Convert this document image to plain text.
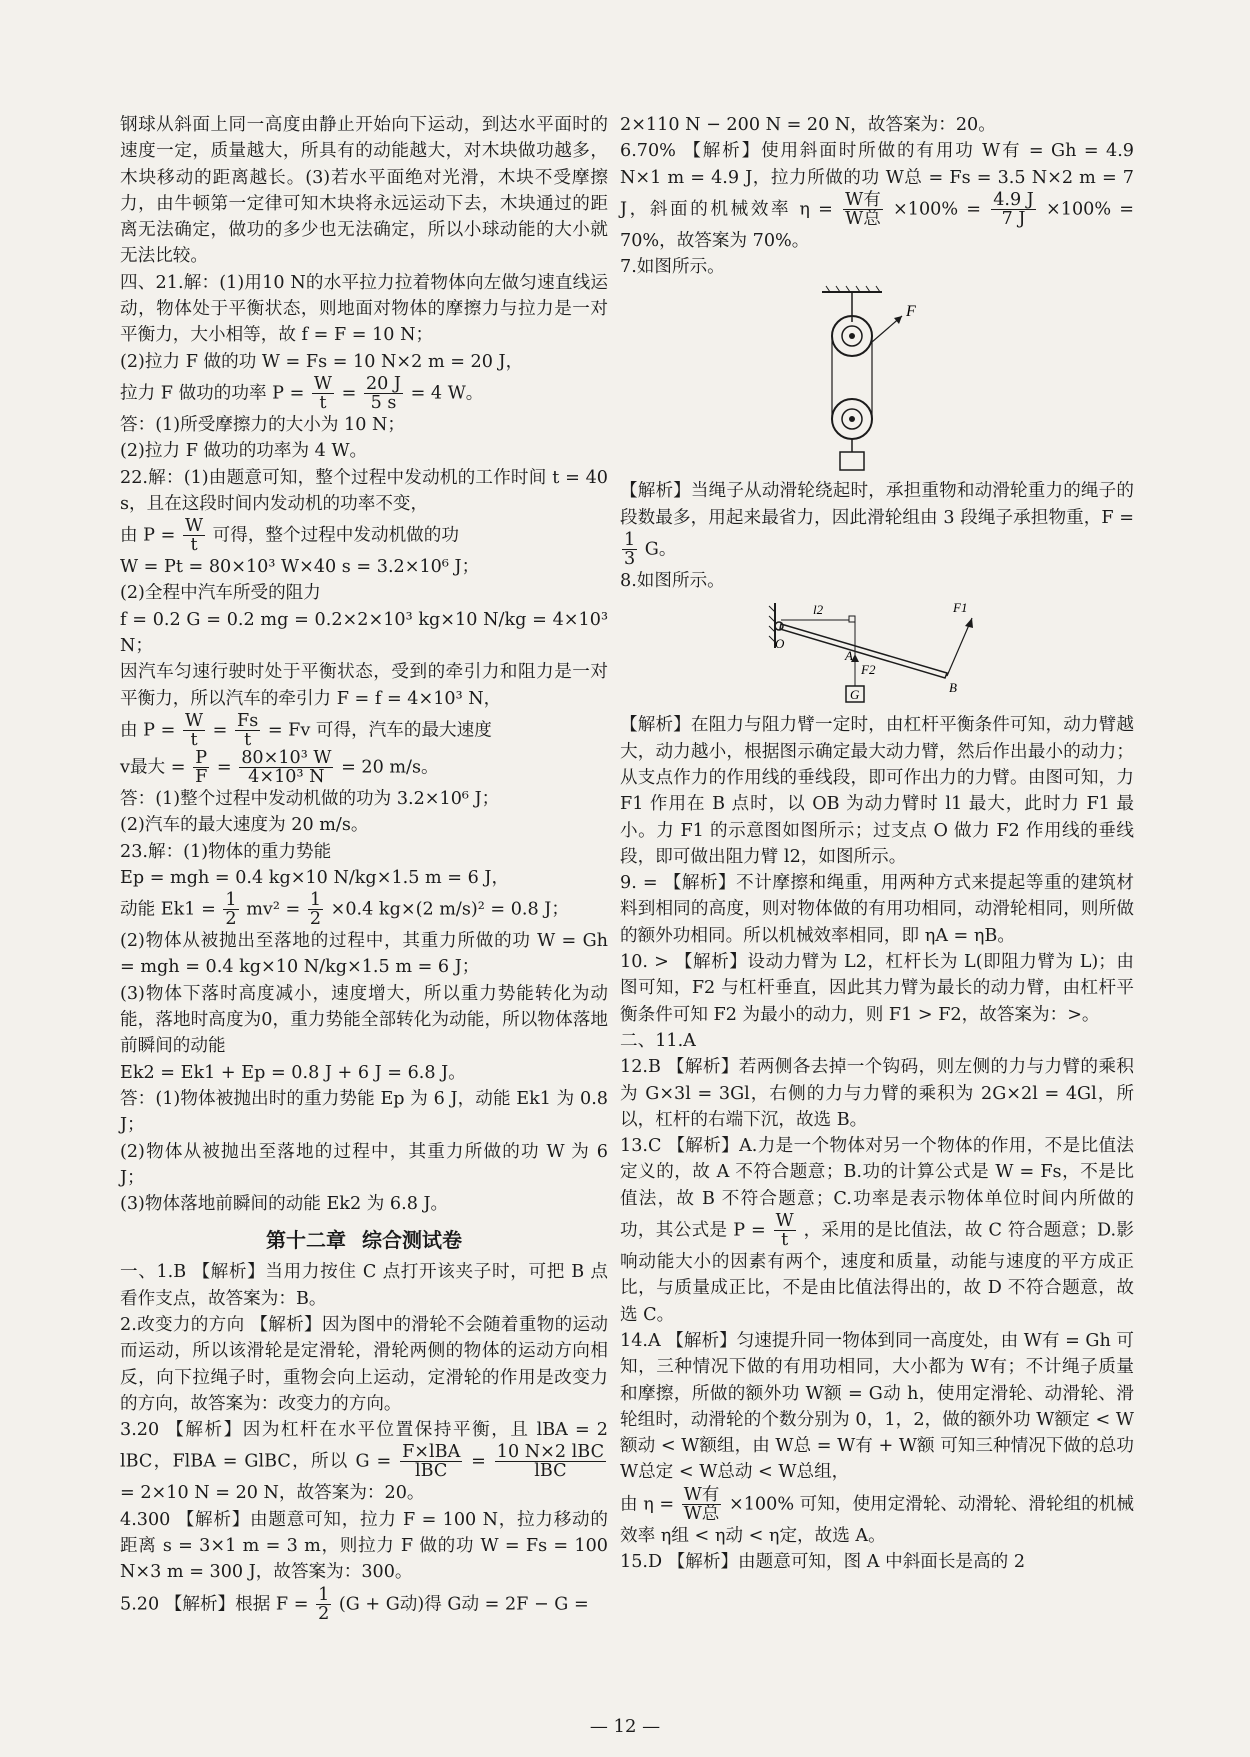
钢球从斜面上同一高度由静止开始向下运动，到达水平面时的速度一定，质量越大，所具有的动能越大，对木块做功越多，木块移动的距离越长。(3)若水平面绝对光滑，木块不受摩擦力，由牛顿第一定律可知木块将永远运动下去，木块通过的距离无法确定，做功的多少也无法确定，所以小球动能的大小就无法比较。

四、21.解：(1)用10 N的水平拉力拉着物体向左做匀速直线运动，物体处于平衡状态，则地面对物体的摩擦力与拉力是一对平衡力，大小相等，故 f = F = 10 N；

(2)拉力 F 做的功 W = Fs = 10 N×2 m = 20 J，

拉力 F 做功的功率 $P = \frac{W}{t} = \frac{20 J}{5 s} = 4$ W。

答：(1)所受摩擦力的大小为 10 N；

(2)拉力 F 做功的功率为 4 W。

22.解：(1)由题意可知，整个过程中发动机的工作时间 t = 40 s，且在这段时间内发动机的功率不变，

由 $P = \frac{W}{t}$ 可得，整个过程中发动机做的功

W = Pt = 80×10³ W×40 s = 3.2×10⁶ J；

(2)全程中汽车所受的阻力

f = 0.2 G = 0.2 mg = 0.2×2×10³ kg×10 N/kg = 4×10³ N；

因汽车匀速行驶时处于平衡状态，受到的牵引力和阻力是一对平衡力，所以汽车的牵引力 F = f = 4×10³ N，

由 $P = \frac{W}{t} = \frac{Fs}{t} = Fv$ 可得，汽车的最大速度

v最大 = $\frac{P}{F} = \frac{\text{80×10³ W}}{\text{4×10³ N}} = 20$ m/s。

答：(1)整个过程中发动机做的功为 3.2×10⁶ J；

(2)汽车的最大速度为 20 m/s。

23.解：(1)物体的重力势能

Ep = mgh = 0.4 kg×10 N/kg×1.5 m = 6 J，

动能 $Ek1 = \frac{1}{2} mv^2 = \frac{1}{2} \times 0.4$ kg×(2 m/s)² = 0.8 J；

(2)物体从被抛出至落地的过程中，其重力所做的功 W = Gh = mgh = 0.4 kg×10 N/kg×1.5 m = 6 J；

(3)物体下落时高度减小，速度增大，所以重力势能转化为动能，落地时高度为0，重力势能全部转化为动能，所以物体落地前瞬间的动能

Ek2 = Ek1 + Ep = 0.8 J + 6 J = 6.8 J。

答：(1)物体被抛出时的重力势能 Ep 为 6 J，动能 Ek1 为 0.8 J；

(2)物体从被抛出至落地的过程中，其重力所做的功 W 为 6 J；

(3)物体落地前瞬间的动能 Ek2 为 6.8 J。

第十二章 综合测试卷

一、1.B 【解析】当用力按住 C 点打开该夹子时，可把 B 点看作支点，故答案为：B。

2.改变力的方向 【解析】因为图中的滑轮不会随着重物的运动而运动，所以该滑轮是定滑轮，滑轮两侧的物体的运动方向相反，向下拉绳子时，重物会向上运动，定滑轮的作用是改变力的方向，故答案为：改变力的方向。

3.20 【解析】因为杠杆在水平位置保持平衡，且 lBA = 2 lBC，FlBA = GlBC，所以 G = F×lBA
lBC	= 10 N×2 lBC
lBC
= 2×10 N = 20 N，故答案为：20。

4.300 【解析】由题意可知，拉力 F = 100 N，拉力移动的距离 s = 3×1 m = 3 m，则拉力 F 做的功 W = Fs = 100 N×3 m = 300 J，故答案为：300。

5.20 【解析】根据 $F = \frac{1}{2} (G + G$动)得 G动 = 2F − G =

2×110 N − 200 N = 20 N，故答案为：20。

6.70% 【解析】使用斜面时所做的有用功 W有 = Gh = 4.9 N×1 m = 4.9 J，拉力所做的功 W总 = Fs = 3.5 N×2 m = 7 J，斜面的机械效率 η = W有
W总 $\times 100\% = \frac{4.9 J}{7 J} \times 100\% = 70\%$，故答案为 70%。

7.如图所示。

F

【解析】当绳子从动滑轮绕起时，承担重物和动滑轮重力的绳子的段数最多，用起来最省力，因此滑轮组由 3 段绳子承担物重，F =
$\frac{1}{3}$ G。

8.如图所示。

O
l2
A
F2
G
F1
B

【解析】在阻力与阻力臂一定时，由杠杆平衡条件可知，动力臂越大，动力越小，根据图示确定最大动力臂，然后作出最小的动力；从支点作力的作用线的垂线段，即可作出力的力臂。由图可知，力 F1 作用在 B 点时，以 OB 为动力臂时 l1 最大，此时力 F1 最小。力 F1 的示意图如图所示；过支点 O 做力 F2 作用线的垂线段，即可做出阻力臂 l2，如图所示。

9. = 【解析】不计摩擦和绳重，用两种方式来提起等重的建筑材料到相同的高度，则对物体做的有用功相同，动滑轮相同，则所做的额外功相同。所以机械效率相同，即 ηA = ηB。

10. > 【解析】设动力臂为 L2，杠杆长为 L(即阻力臂为 L)；由图可知，F2 与杠杆垂直，因此其力臂为最长的动力臂，由杠杆平衡条件可知 F2 为最小的动力，则 F1 > F2，故答案为：>。

二、11.A

12.B 【解析】若两侧各去掉一个钩码，则左侧的力与力臂的乘积为 G×3l = 3Gl，右侧的力与力臂的乘积为 2G×2l = 4Gl，所以，杠杆的右端下沉，故选 B。

13.C 【解析】A.力是一个物体对另一个物体的作用，不是比值法定义的，故 A 不符合题意；B.功的计算公式是 W = Fs，不是比值法，故 B 不符合题意；C.功率是表示物体单位时间内所做的功，其公式是 $P = \frac{W}{t}$ ，采用的是比值法，故 C 符合题意；D.影响动能大小的因素有两个，速度和质量，动能与速度的平方成正比，与质量成正比，不是由比值法得出的，故 D 不符合题意，故选 C。

14.A 【解析】匀速提升同一物体到同一高度处，由 W有 = Gh 可知，三种情况下做的有用功相同，大小都为 W有；不计绳子质量和摩擦，所做的额外功 W额 = G动 h，使用定滑轮、动滑轮、滑轮组时，动滑轮的个数分别为 0，1，2，做的额外功 W额定 < W额动 < W额组，由 W总 = W有 + W额 可知三种情况下做的总功 W总定 < W总动 < W总组，

由 η = W有
W总 ×100% 可知，使用定滑轮、动滑轮、滑轮组的机械效率 η组 < η动 < η定，故选 A。

15.D 【解析】由题意可知，图 A 中斜面长是高的 2

— 12 —
